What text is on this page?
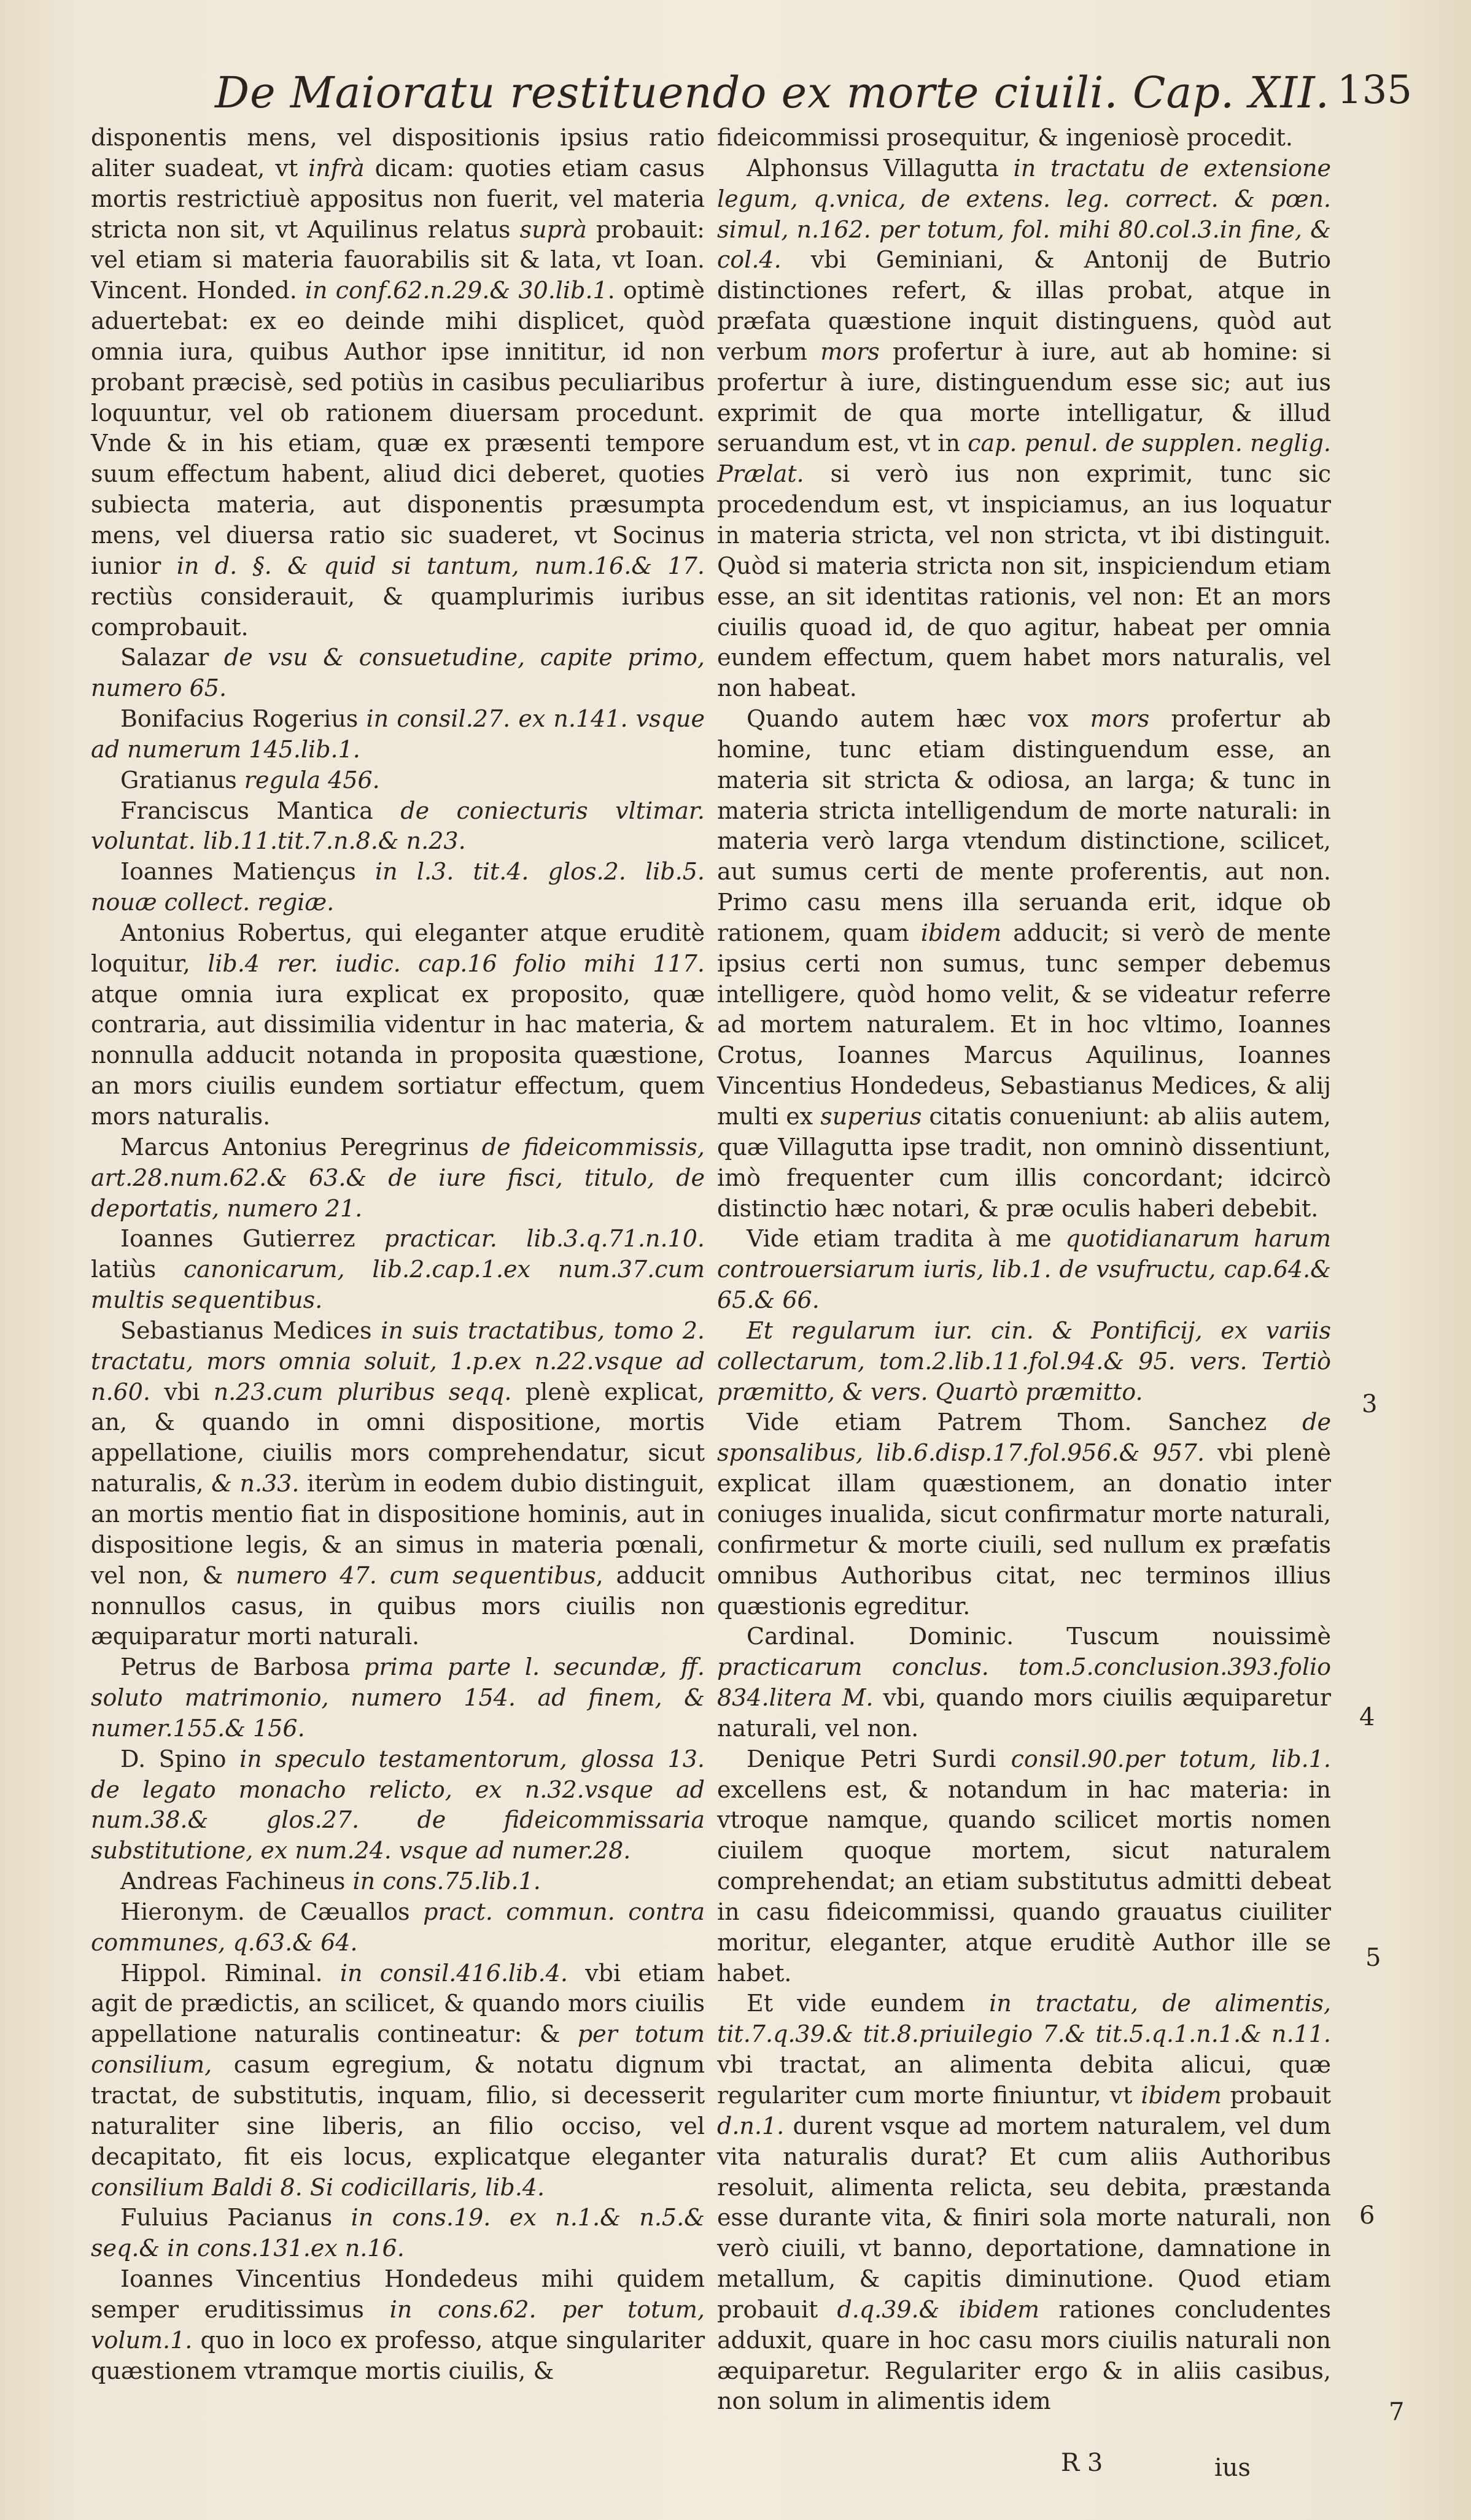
De Maioratu restituendo ex morte ciuili. Cap. XII. 135

disponentis mens, vel dispositionis ipsius ratio aliter suadeat, vt infrà dicam: quoties etiam casus mortis restrictiuè appositus non fuerit, vel materia stricta non sit, vt Aquilinus relatus suprà probauit: vel etiam si materia fauorabilis sit & lata, vt Ioan. Vincent. Honded. in conf.62.n.29.& 30.lib.1. optimè aduertebat: ex eo deinde mihi displicet, quòd omnia iura, quibus Author ipse innititur, id non probant præcisè, sed potiùs in casibus peculiaribus loquuntur, vel ob rationem diuersam procedunt. Vnde & in his etiam, quæ ex præsenti tempore suum effectum habent, aliud dici deberet, quoties subiecta materia, aut disponentis præsumpta mens, vel diuersa ratio sic suaderet, vt Socinus iunior in d. §. & quid si tantum, num.16.& 17. rectiùs considerauit, & quamplurimis iuribus comprobauit.

Salazar de vsu & consuetudine, capite primo, numero 65.

Bonifacius Rogerius in consil.27. ex n.141. vsque ad numerum 145.lib.1.

Gratianus regula 456.

Franciscus Mantica de coniecturis vltimar. voluntat. lib.11.tit.7.n.8.& n.23.

Ioannes Matiençus in l.3. tit.4. glos.2. lib.5. nouæ collect. regiæ.

Antonius Robertus, qui eleganter atque eruditè loquitur, lib.4 rer. iudic. cap.16 folio mihi 117. atque omnia iura explicat ex proposito, quæ contraria, aut dissimilia videntur in hac materia, & nonnulla adducit notanda in proposita quæstione, an mors ciuilis eundem sortiatur effectum, quem mors naturalis.

Marcus Antonius Peregrinus de fideicommissis, art.28.num.62.& 63.& de iure fisci, titulo, de deportatis, numero 21.

Ioannes Gutierrez practicar. lib.3.q.71.n.10. latiùs canonicarum, lib.2.cap.1.ex num.37.cum multis sequentibus.

Sebastianus Medices in suis tractatibus, tomo 2. tractatu, mors omnia soluit, 1.p.ex n.22.vsque ad n.60. vbi n.23.cum pluribus seqq. plenè explicat, an, & quando in omni dispositione, mortis appellatione, ciuilis mors comprehendatur, sicut naturalis, & n.33. iterùm in eodem dubio distinguit, an mortis mentio fiat in dispositione hominis, aut in dispositione legis, & an simus in materia pœnali, vel non, & numero 47. cum sequentibus, adducit nonnullos casus, in quibus mors ciuilis non æquiparatur morti naturali.

Petrus de Barbosa prima parte l. secundæ, ff. soluto matrimonio, numero 154. ad finem, & numer.155.& 156.

D. Spino in speculo testamentorum, glossa 13. de legato monacho relicto, ex n.32.vsque ad num.38.& glos.27. de fideicommissaria substitutione, ex num.24. vsque ad numer.28.

Andreas Fachineus in cons.75.lib.1.

Hieronym. de Cæuallos pract. commun. contra communes, q.63.& 64.

Hippol. Riminal. in consil.416.lib.4. vbi etiam agit de prædictis, an scilicet, & quando mors ciuilis appellatione naturalis contineatur: & per totum consilium, casum egregium, & notatu dignum tractat, de substitutis, inquam, filio, si decesserit naturaliter sine liberis, an filio occiso, vel decapitato, fit eis locus, explicatque eleganter consilium Baldi 8. Si codicillaris, lib.4.

Fuluius Pacianus in cons.19. ex n.1.& n.5.& seq.& in cons.131.ex n.16.

Ioannes Vincentius Hondedeus mihi quidem semper eruditissimus in cons.62. per totum, volum.1. quo in loco ex professo, atque singulariter quæstionem vtramque mortis ciuilis, &

fideicommissi prosequitur, & ingeniosè procedit.

Alphonsus Villagutta in tractatu de extensione legum, q.vnica, de extens. leg. correct. & pœn. simul, n.162. per totum, fol. mihi 80.col.3.in fine, & col.4. vbi Geminiani, & Antonij de Butrio distinctiones refert, & illas probat, atque in præfata quæstione inquit distinguens, quòd aut verbum mors profertur à iure, aut ab homine: si profertur à iure, distinguendum esse sic; aut ius exprimit de qua morte intelligatur, & illud seruandum est, vt in cap. penul. de supplen. neglig. Prælat. si verò ius non exprimit, tunc sic procedendum est, vt inspiciamus, an ius loquatur in materia stricta, vel non stricta, vt ibi distinguit. Quòd si materia stricta non sit, inspiciendum etiam esse, an sit identitas rationis, vel non: Et an mors ciuilis quoad id, de quo agitur, habeat per omnia eundem effectum, quem habet mors naturalis, vel non habeat.

Quando autem hæc vox mors profertur ab homine, tunc etiam distinguendum esse, an materia sit stricta & odiosa, an larga; & tunc in materia stricta intelligendum de morte naturali: in materia verò larga vtendum distinctione, scilicet, aut sumus certi de mente proferentis, aut non. Primo casu mens illa seruanda erit, idque ob rationem, quam ibidem adducit; si verò de mente ipsius certi non sumus, tunc semper debemus intelligere, quòd homo velit, & se videatur referre ad mortem naturalem. Et in hoc vltimo, Ioannes Crotus, Ioannes Marcus Aquilinus, Ioannes Vincentius Hondedeus, Sebastianus Medices, & alij multi ex superius citatis conueniunt: ab aliis autem, quæ Villagutta ipse tradit, non omninò dissentiunt, imò frequenter cum illis concordant; idcircò distinctio hæc notari, & præ oculis haberi debebit.

Vide etiam tradita à me quotidianarum harum controuersiarum iuris, lib.1. de vsufructu, cap.64.& 65.& 66.

Et regularum iur. cin. & Pontificij, ex variis collectarum, tom.2.lib.11.fol.94.& 95. vers. Tertiò præmitto, & vers. Quartò præmitto.

Vide etiam Patrem Thom. Sanchez de sponsalibus, lib.6.disp.17.fol.956.& 957. vbi plenè explicat illam quæstionem, an donatio inter coniuges inualida, sicut confirmatur morte naturali, confirmetur & morte ciuili, sed nullum ex præfatis omnibus Authoribus citat, nec terminos illius quæstionis egreditur.

Cardinal. Dominic. Tuscum nouissimè practicarum conclus. tom.5.conclusion.393.folio 834.litera M. vbi, quando mors ciuilis æquiparetur naturali, vel non.

Denique Petri Surdi consil.90.per totum, lib.1. excellens est, & notandum in hac materia: in vtroque namque, quando scilicet mortis nomen ciuilem quoque mortem, sicut naturalem comprehendat; an etiam substitutus admitti debeat in casu fideicommissi, quando grauatus ciuiliter moritur, eleganter, atque eruditè Author ille se habet.

Et vide eundem in tractatu, de alimentis, tit.7.q.39.& tit.8.priuilegio 7.& tit.5.q.1.n.1.& n.11. vbi tractat, an alimenta debita alicui, quæ regulariter cum morte finiuntur, vt ibidem probauit d.n.1. durent vsque ad mortem naturalem, vel dum vita naturalis durat? Et cum aliis Authoribus resoluit, alimenta relicta, seu debita, præstanda esse durante vita, & finiri sola morte naturali, non verò ciuili, vt banno, deportatione, damnatione in metallum, & capitis diminutione. Quod etiam probauit d.q.39.& ibidem rationes concludentes adduxit, quare in hoc casu mors ciuilis naturali non æquiparetur. Regulariter ergo & in aliis casibus, non solum in alimentis idem

3
4
5
6
7
R 3	ius
